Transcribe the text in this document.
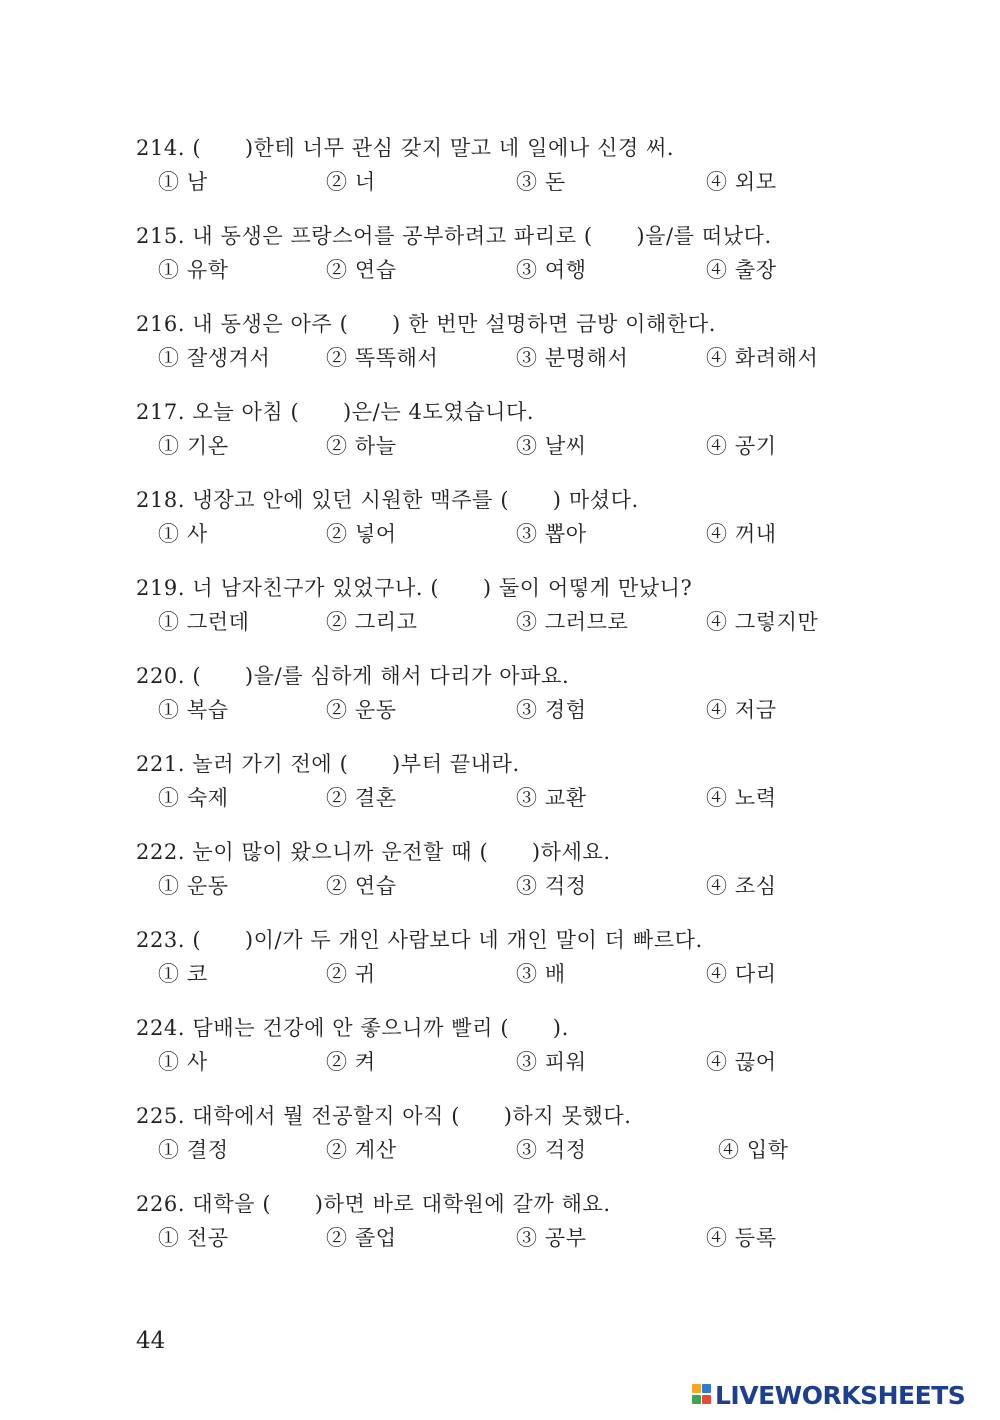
214. (      )한테 너무 관심 갖지 말고 네 일에나 신경 써.
① 남	② 너	③ 돈	④ 외모
215. 내 동생은 프랑스어를 공부하려고 파리로 (      )을/를 떠났다.
① 유학	② 연습	③ 여행	④ 출장
216. 내 동생은 아주 (      ) 한 번만 설명하면 금방 이해한다.
① 잘생겨서	② 똑똑해서	③ 분명해서	④ 화려해서
217. 오늘 아침 (      )은/는 4도였습니다.
① 기온	② 하늘	③ 날씨	④ 공기
218. 냉장고 안에 있던 시원한 맥주를 (      ) 마셨다.
① 사	② 넣어	③ 뽑아	④ 꺼내
219. 너 남자친구가 있었구나. (      ) 둘이 어떻게 만났니?
① 그런데	② 그리고	③ 그러므로	④ 그렇지만
220. (      )을/를 심하게 해서 다리가 아파요.
① 복습	② 운동	③ 경험	④ 저금
221. 놀러 가기 전에 (      )부터 끝내라.
① 숙제	② 결혼	③ 교환	④ 노력
222. 눈이 많이 왔으니까 운전할 때 (      )하세요.
① 운동	② 연습	③ 걱정	④ 조심
223. (      )이/가 두 개인 사람보다 네 개인 말이 더 빠르다.
① 코	② 귀	③ 배	④ 다리
224. 담배는 건강에 안 좋으니까 빨리 (      ).
① 사	② 켜	③ 피워	④ 끊어
225. 대학에서 뭘 전공할지 아직 (      )하지 못했다.
① 결정	② 계산	③ 걱정	④ 입학
226. 대학을 (      )하면 바로 대학원에 갈까 해요.
① 전공	② 졸업	③ 공부	④ 등록
44
LIVEWORKSHEETS
